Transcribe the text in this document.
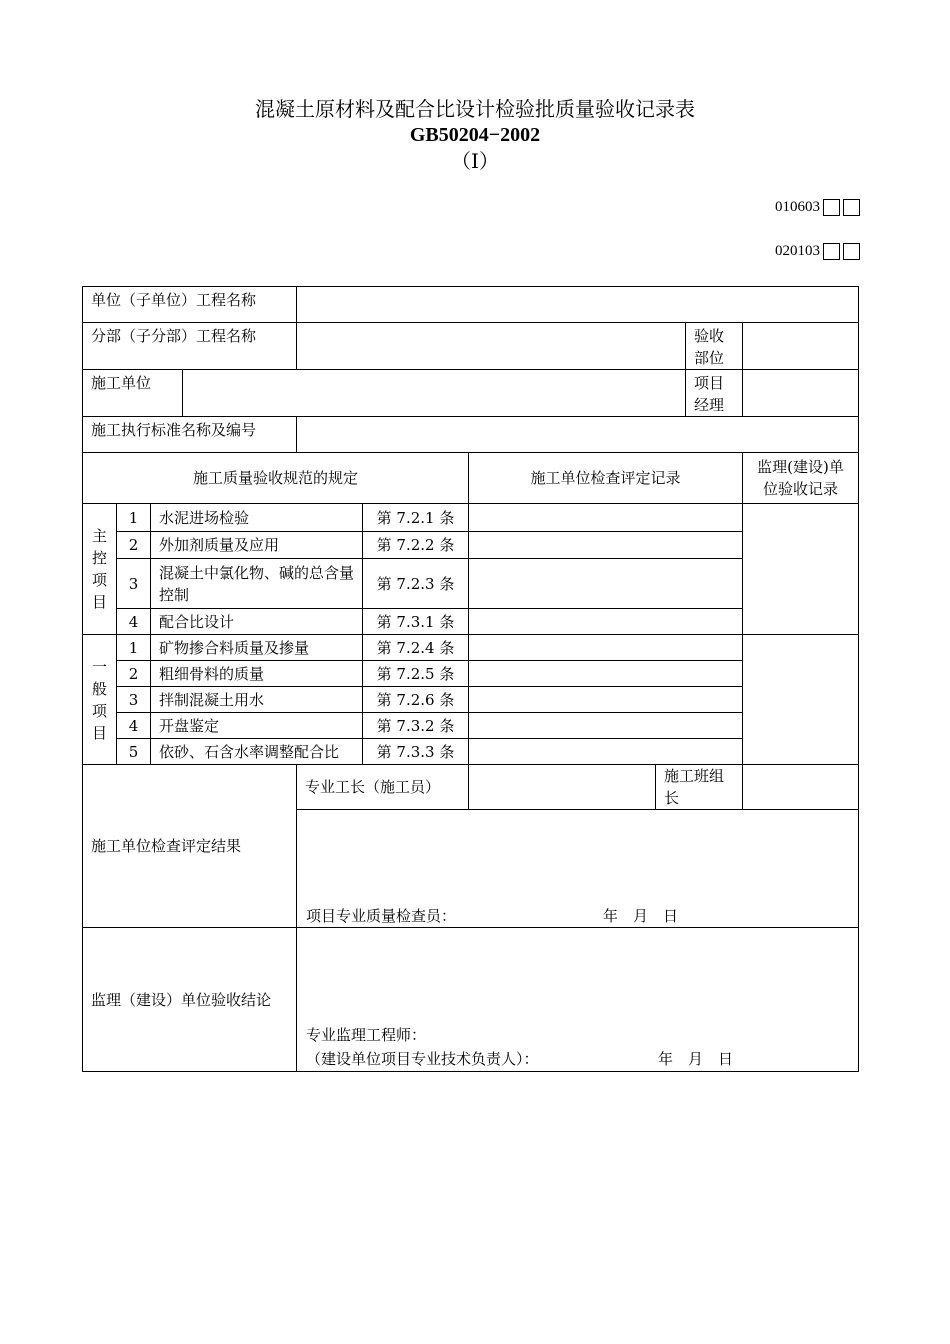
混凝土原材料及配合比设计检验批质量验收记录表
GB50204−2002
（Ⅰ）
010603
020103
单位（子单位）工程名称									
分部（子分部）工程名称								验收部位	
施工单位								项目经理	
施工执行标准名称及编号									
施工质量验收规范的规定						施工单位检查评定记录			监理(建设)单
位验收记录

主
控
项
目	1	水泥进场检验			第 7.2.1 条				
	2	外加剂质量及应用			第 7.2.2 条				
	3	混凝土中氯化物、碱的总含量控制			第 7.2.3 条				
	4	配合比设计			第 7.3.1 条				

一
般
项
目	1	矿物掺合料质量及掺量			第 7.2.4 条				
	2	粗细骨料的质量			第 7.2.5 条				
	3	拌制混凝土用水			第 7.2.6 条				
	4	开盘鉴定			第 7.3.2 条				
	5	依砂、石含水率调整配合比			第 7.3.3 条				
施工单位检查评定结果				专业工长（施工员）			施工班组长		

				项目专业质量检查员： 年　月　日					

监理（建设）单位验收结论				专业监理工程师：
（建设单位项目专业技术负责人）： 年　月　日					
